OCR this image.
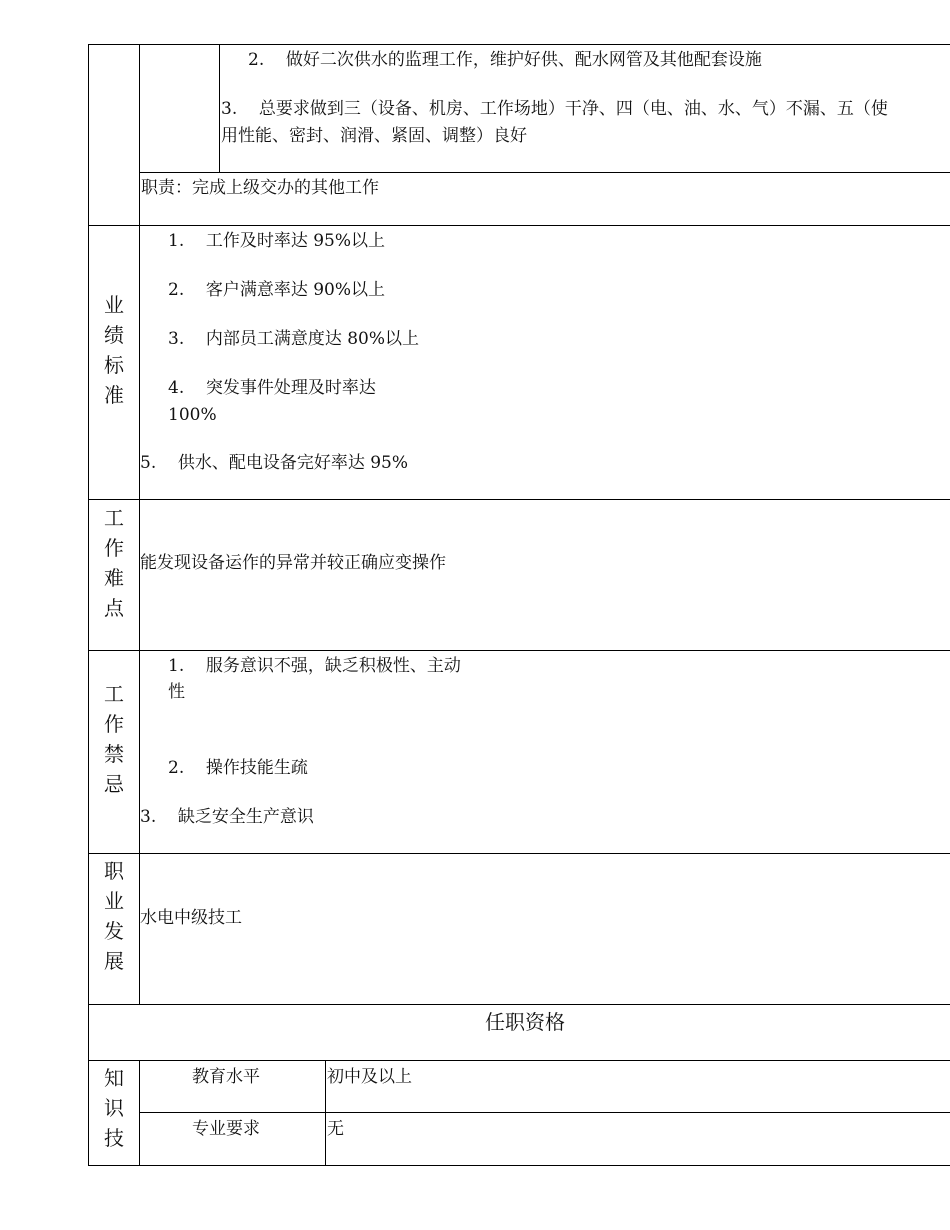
2.    做好二次供水的监理工作，维护好供、配水网管及其他配套设施
3.    总要求做到三（设备、机房、工作场地）干净、四（电、油、水、气）不漏、五（使
用性能、密封、润滑、紧固、调整）良好
职责：完成上级交办的其他工作
业
绩
标
准
1.    工作及时率达 95%以上
2.    客户满意率达 90%以上
3.    内部员工满意度达 80%以上
4.    突发事件处理及时率达
100%
5.    供水、配电设备完好率达 95%
工
作
难
点
能发现设备运作的异常并较正确应变操作
工
作
禁
忌
1.    服务意识不强，缺乏积极性、主动
性
2.    操作技能生疏
3.    缺乏安全生产意识
职
业
发
展
水电中级技工
任职资格
知
识
技
教育水平	初中及以上
专业要求	无
